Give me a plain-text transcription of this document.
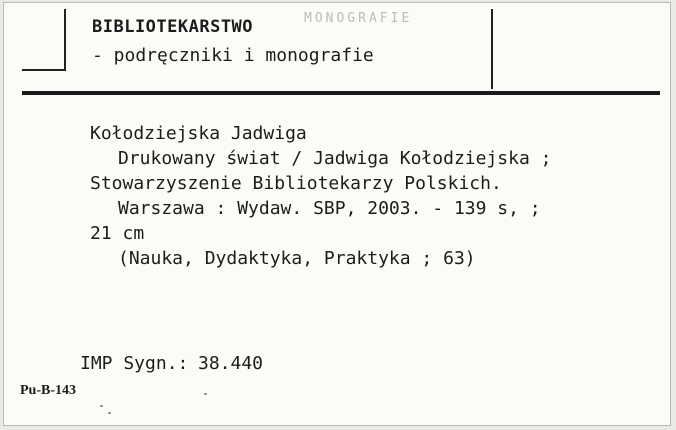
MONOGRAFIE
BIBLIOTEKARSTWO
- podręczniki i monografie
Kołodziejska Jadwiga
Drukowany świat / Jadwiga Kołodziejska ;
Stowarzyszenie Bibliotekarzy Polskich.
Warszawa : Wydaw. SBP, 2003. - 139 s, ;
21 cm
(Nauka, Dydaktyka, Praktyka ; 63)
IMP Sygn.: 38.440
Pu-B-143
